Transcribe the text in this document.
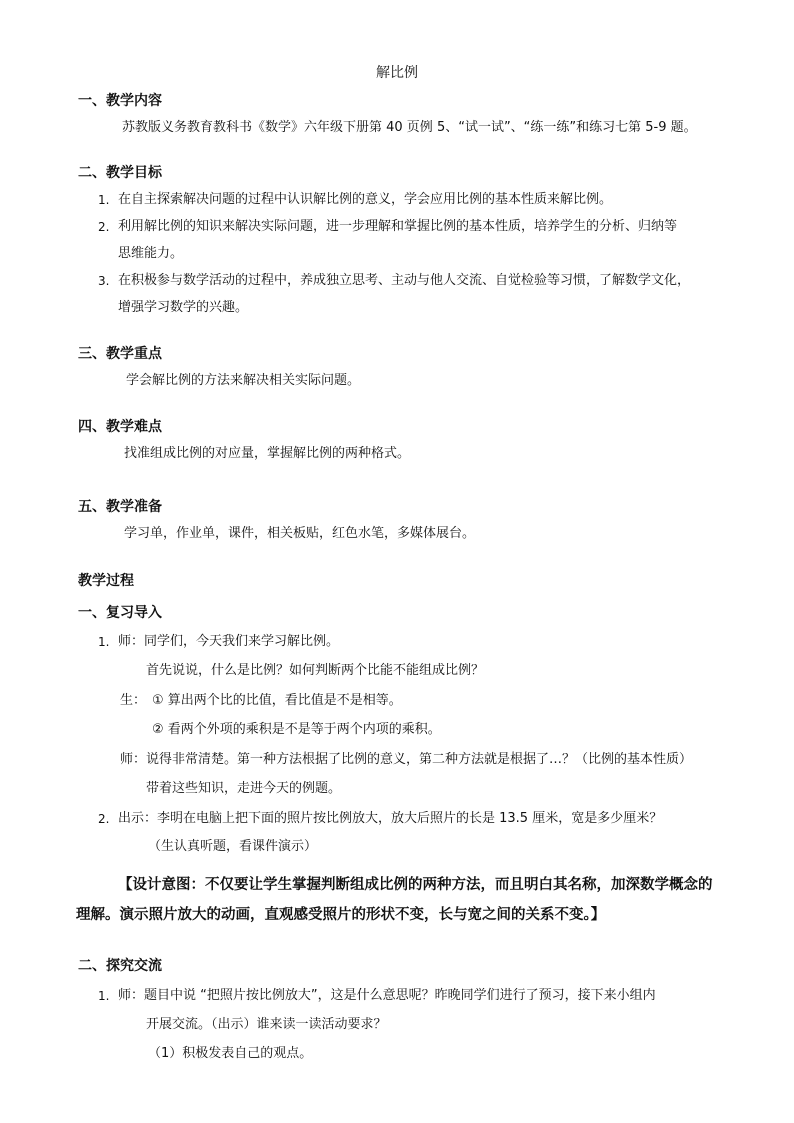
解比例
一、教学内容
苏教版义务教育教科书《数学》六年级下册第 40 页例 5、“试一试”、“练一练”和练习七第 5-9 题。
二、教学目标
1. 在自主探索解决问题的过程中认识解比例的意义，学会应用比例的基本性质来解比例。
2. 利用解比例的知识来解决实际问题，进一步理解和掌握比例的基本性质，培养学生的分析、归纳等
思维能力。
3. 在积极参与数学活动的过程中，养成独立思考、主动与他人交流、自觉检验等习惯，了解数学文化，
增强学习数学的兴趣。
三、教学重点
学会解比例的方法来解决相关实际问题。
四、教学难点
找准组成比例的对应量，掌握解比例的两种格式。
五、教学准备
学习单，作业单，课件，相关板贴，红色水笔，多媒体展台。
教学过程
一、复习导入
1. 师：同学们，今天我们来学习解比例。
首先说说，什么是比例？如何判断两个比能不能组成比例？
生： ① 算出两个比的比值，看比值是不是相等。
② 看两个外项的乘积是不是等于两个内项的乘积。
师：说得非常清楚。第一种方法根据了比例的意义，第二种方法就是根据了…？（比例的基本性质）
带着这些知识，走进今天的例题。
2. 出示：李明在电脑上把下面的照片按比例放大，放大后照片的长是 13.5 厘米，宽是多少厘米？
（生认真听题，看课件演示）
【设计意图：不仅要让学生掌握判断组成比例的两种方法，而且明白其名称，加深数学概念的理解。演示照片放大的动画，直观感受照片的形状不变，长与宽之间的关系不变。】
二、探究交流
1. 师：题目中说 “把照片按比例放大”，这是什么意思呢？昨晚同学们进行了预习，接下来小组内
开展交流。（出示）谁来读一读活动要求？
（1）积极发表自己的观点。
